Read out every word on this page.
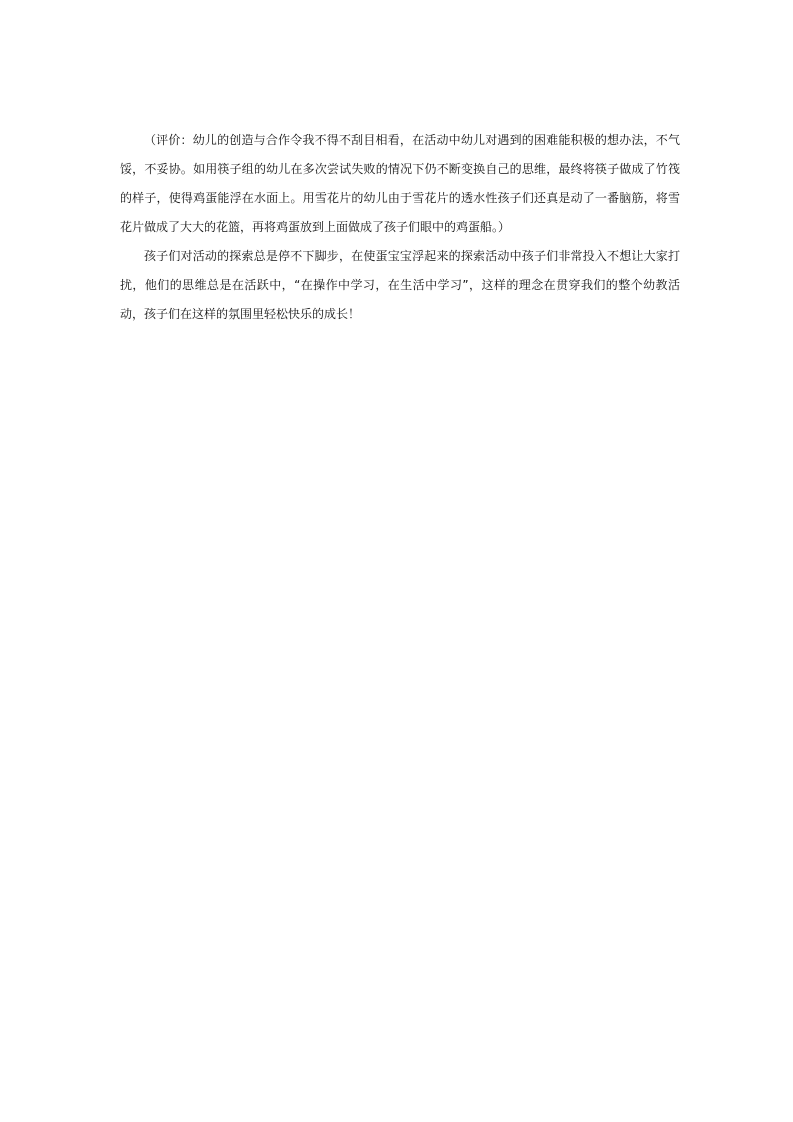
（评价：幼儿的创造与合作令我不得不刮目相看，在活动中幼儿对遇到的困难能积极的想办法，不气馁，不妥协。如用筷子组的幼儿在多次尝试失败的情况下仍不断变换自己的思维，最终将筷子做成了竹筏的样子，使得鸡蛋能浮在水面上。用雪花片的幼儿由于雪花片的透水性孩子们还真是动了一番脑筋，将雪花片做成了大大的花篮，再将鸡蛋放到上面做成了孩子们眼中的鸡蛋船。）

孩子们对活动的探索总是停不下脚步，在使蛋宝宝浮起来的探索活动中孩子们非常投入不想让大家打扰，他们的思维总是在活跃中，“在操作中学习，在生活中学习”，这样的理念在贯穿我们的整个幼教活动，孩子们在这样的氛围里轻松快乐的成长！
